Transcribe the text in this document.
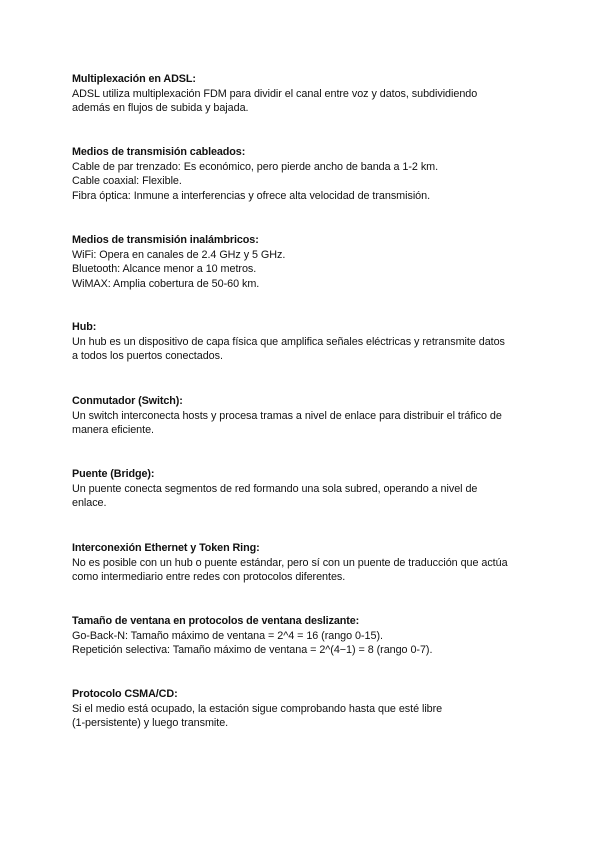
Multiplexación en ADSL:

ADSL utiliza multiplexación FDM para dividir el canal entre voz y datos, subdividiendo

además en flujos de subida y bajada.

Medios de transmisión cableados:

Cable de par trenzado: Es económico, pero pierde ancho de banda a 1-2 km.

Cable coaxial: Flexible.

Fibra óptica: Inmune a interferencias y ofrece alta velocidad de transmisión.

Medios de transmisión inalámbricos:

WiFi: Opera en canales de 2.4 GHz y 5 GHz.

Bluetooth: Alcance menor a 10 metros.

WiMAX: Amplia cobertura de 50-60 km.

Hub:

Un hub es un dispositivo de capa física que amplifica señales eléctricas y retransmite datos

a todos los puertos conectados.

Conmutador (Switch):

Un switch interconecta hosts y procesa tramas a nivel de enlace para distribuir el tráfico de

manera eficiente.

Puente (Bridge):

Un puente conecta segmentos de red formando una sola subred, operando a nivel de

enlace.

Interconexión Ethernet y Token Ring:

No es posible con un hub o puente estándar, pero sí con un puente de traducción que actúa

como intermediario entre redes con protocolos diferentes.

Tamaño de ventana en protocolos de ventana deslizante:

Go-Back-N: Tamaño máximo de ventana = 2^4 = 16 (rango 0-15).

Repetición selectiva: Tamaño máximo de ventana = 2^(4−1) = 8 (rango 0-7).

Protocolo CSMA/CD:

Si el medio está ocupado, la estación sigue comprobando hasta que esté libre

(1-persistente) y luego transmite.
